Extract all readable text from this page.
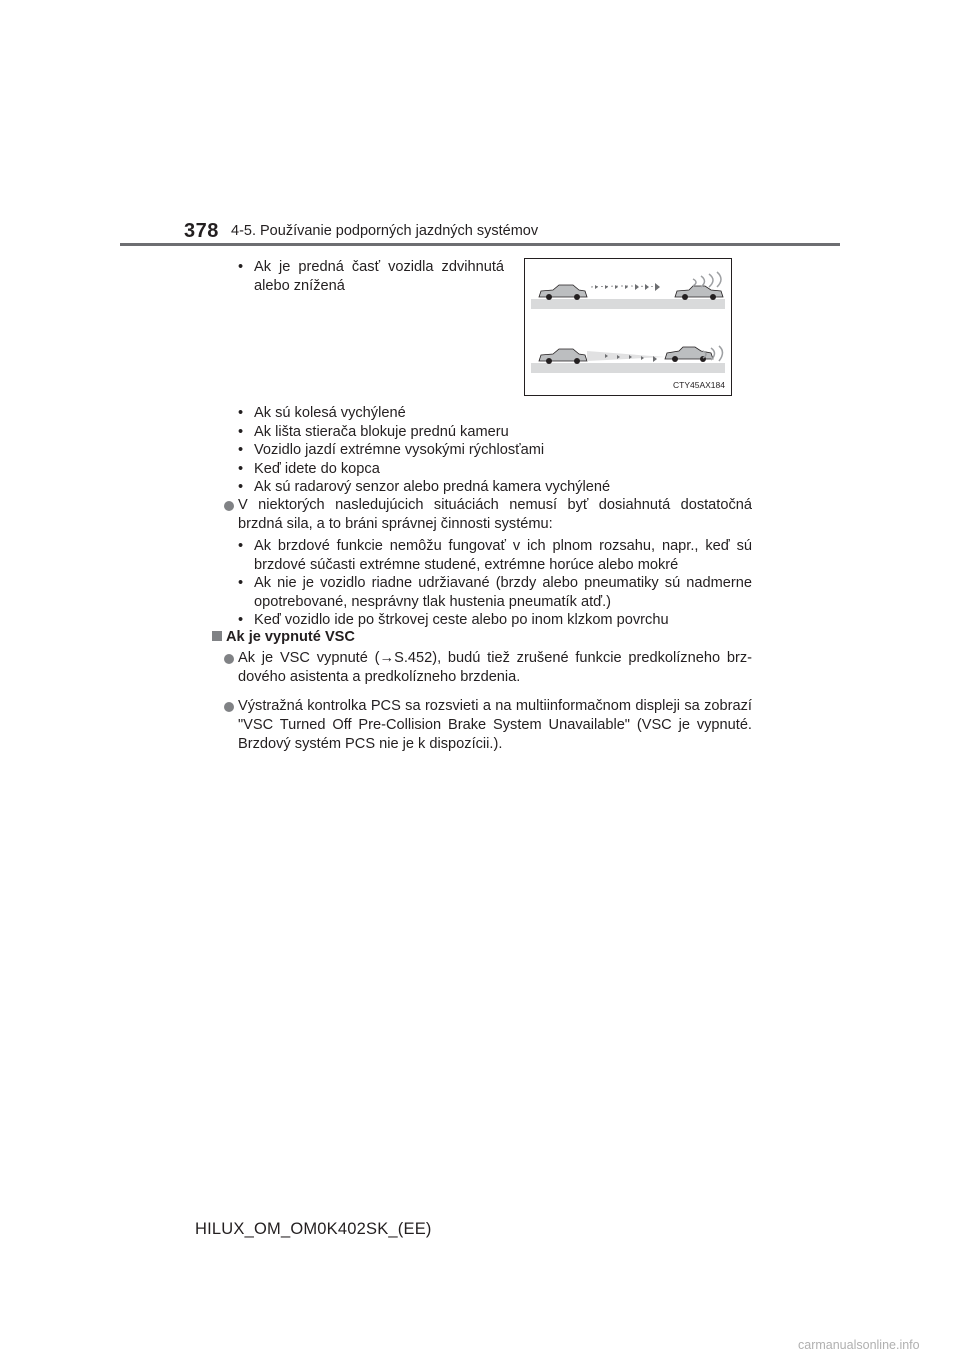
378 4-5. Používanie podporných jazdných systémov
• Ak je predná časť vozidla zdvihnutá alebo znížená
CTY45AX184
• Ak sú kolesá vychýlené
• Ak lišta stierača blokuje prednú kameru
• Vozidlo jazdí extrémne vysokými rýchlosťami
• Keď idete do kopca
• Ak sú radarový senzor alebo predná kamera vychýlené
V niektorých nasledujúcich situáciách nemusí byť dosiahnutá dostatočná brzdná sila, a to bráni správnej činnosti systému:
• Ak brzdové funkcie nemôžu fungovať v ich plnom rozsahu, napr., keď sú brzdové súčasti extrémne studené, extrémne horúce alebo mokré
• Ak nie je vozidlo riadne udržiavané (brzdy alebo pneumatiky sú nadmerne opotrebované, nesprávny tlak hustenia pneumatík atď.)
• Keď vozidlo ide po štrkovej ceste alebo po inom klzkom povrchu
Ak je vypnuté VSC
Ak je VSC vypnuté (→S.452), budú tiež zrušené funkcie predkolízneho brzdového asistenta a predkolízneho brzdenia.
Výstražná kontrolka PCS sa rozsvieti a na multiinformačnom displeji sa zobrazí "VSC Turned Off Pre-Collision Brake System Unavailable" (VSC je vypnuté. Brzdový systém PCS nie je k dispozícii.).
HILUX_OM_OM0K402SK_(EE)
carmanualsonline.info
